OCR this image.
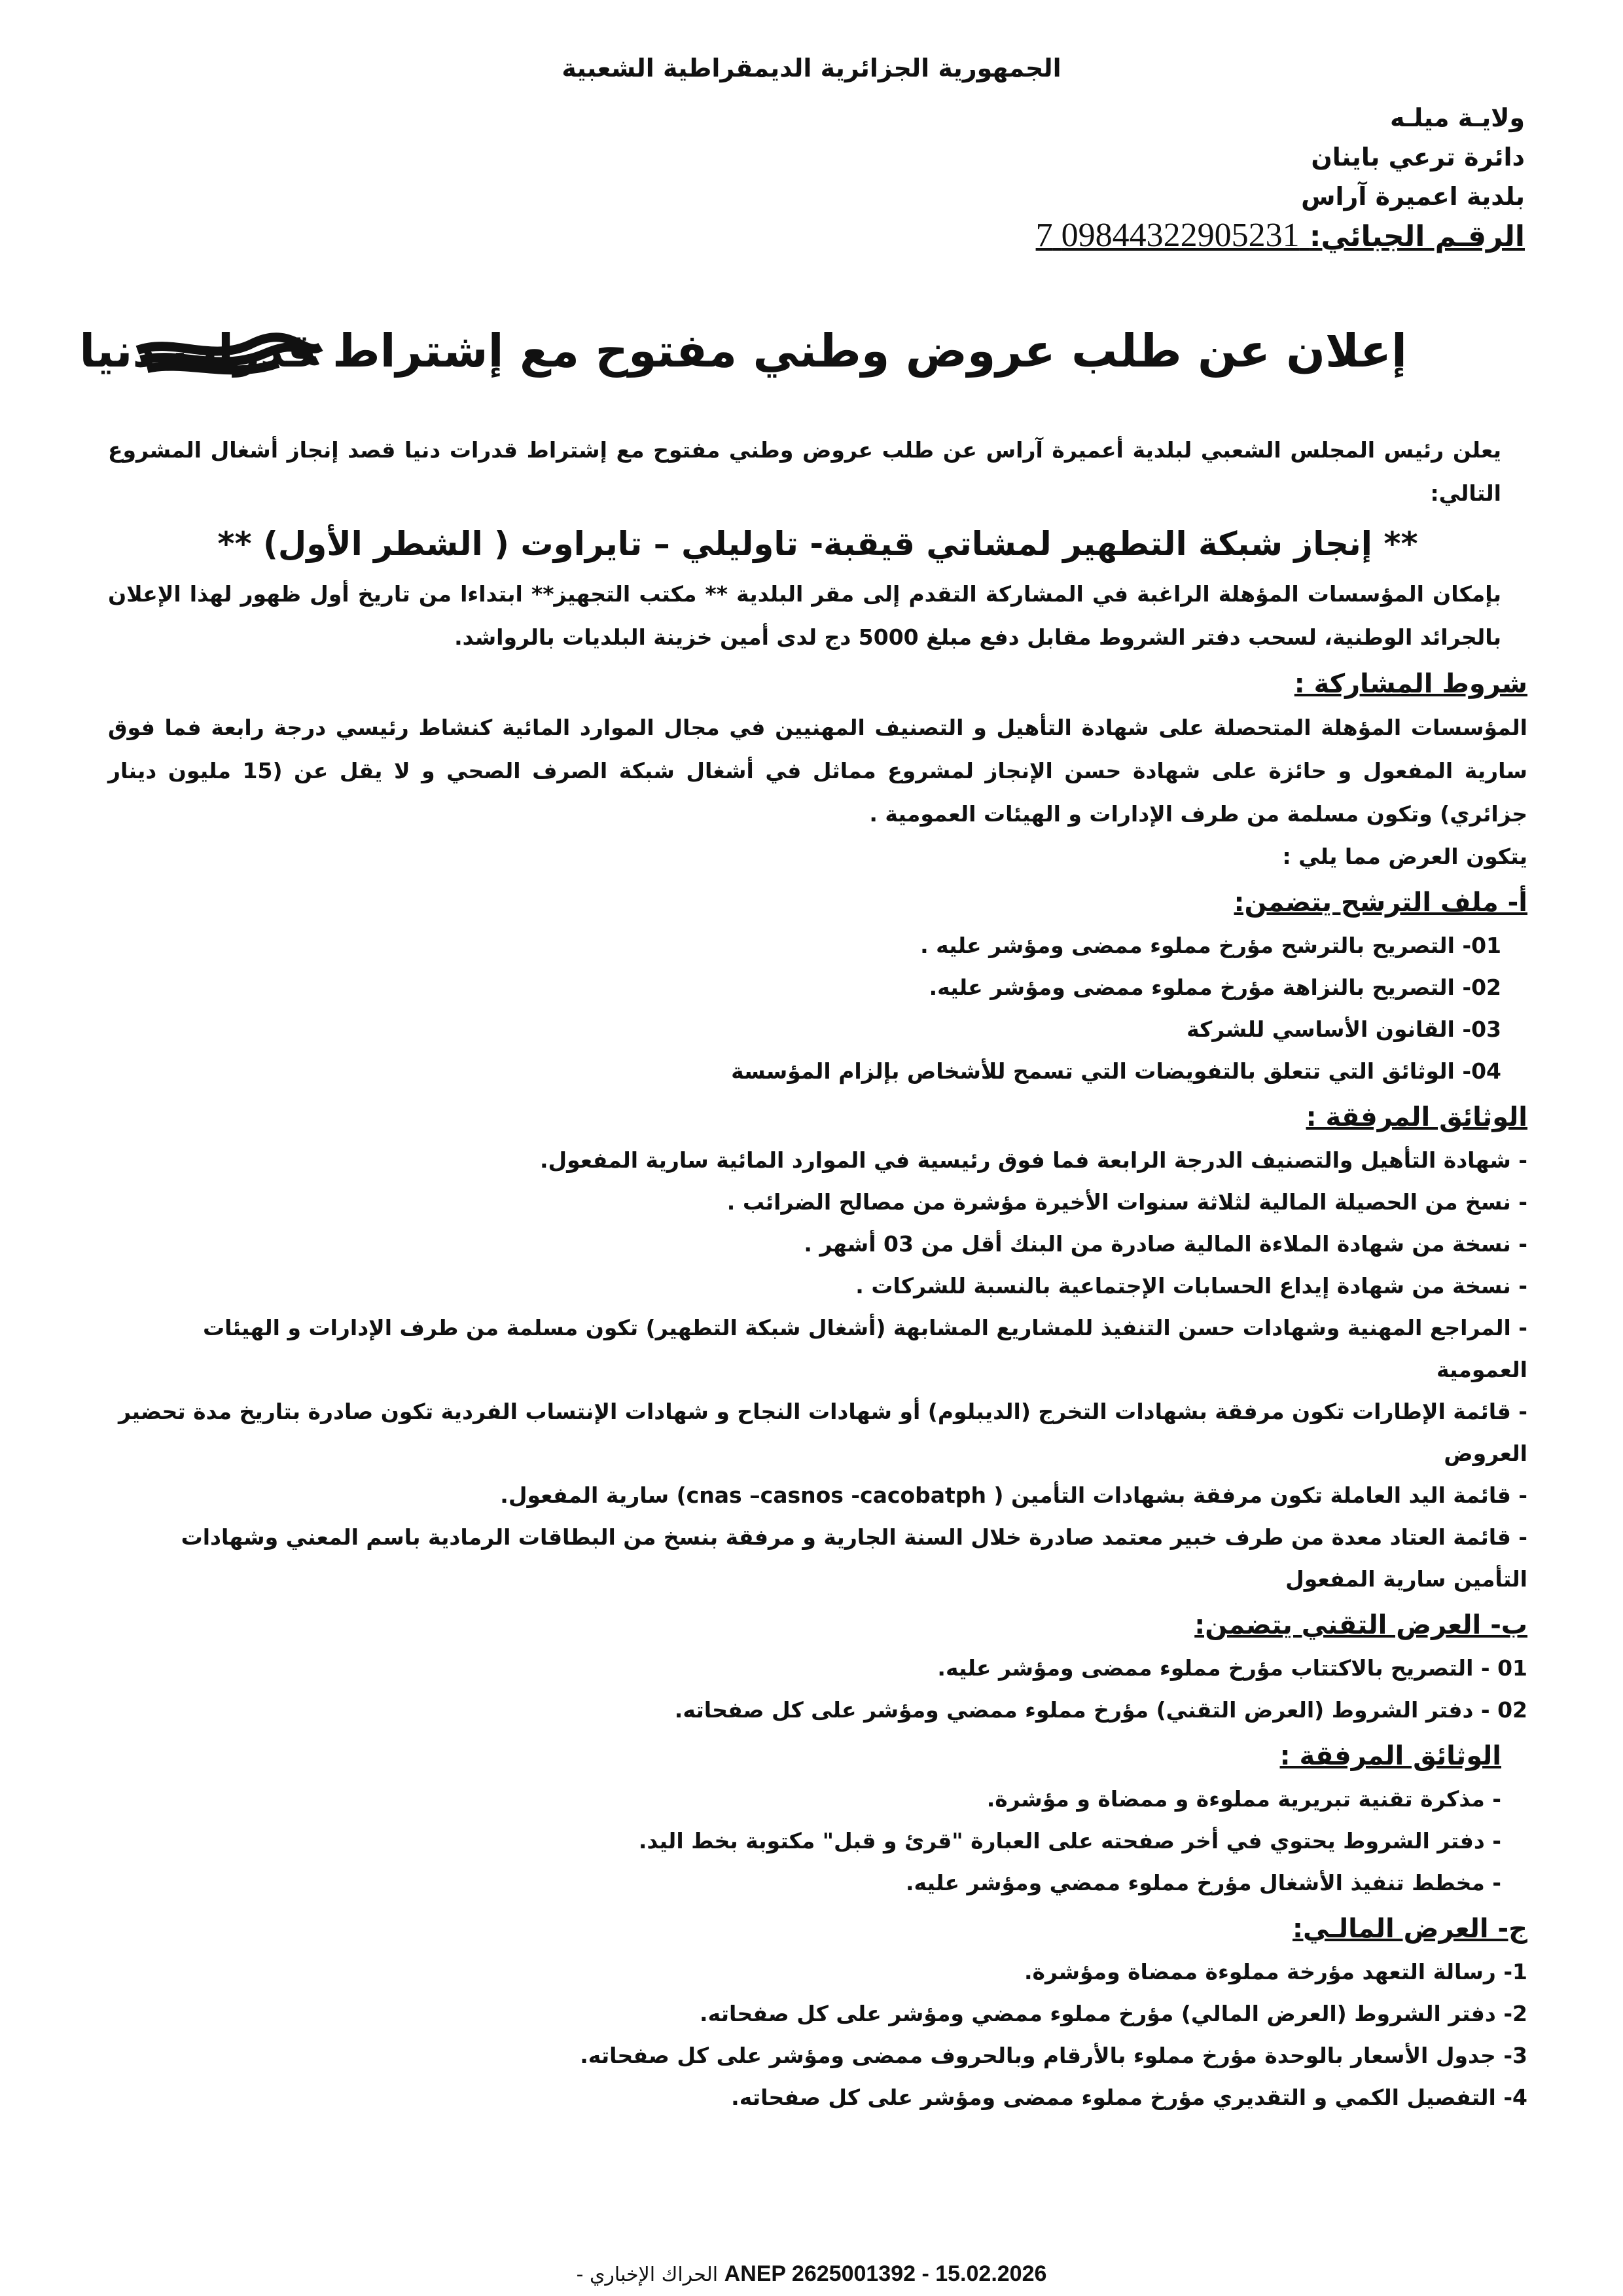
الجمهورية الجزائرية الديمقراطية الشعبية
ولايـة ميلـه
دائرة ترعي باينان
بلدية اعميرة آراس
الرقـم الجبائي: 09844322905231 7
إعلان عن طلب عروض وطني مفتوح مع إشتراط قدرات دنيا
يعلن رئيس المجلس الشعبي لبلدية أعميرة آراس عن طلب عروض وطني مفتوح مع إشتراط قدرات دنيا قصد إنجاز أشغال المشروع التالي:
** إنجاز شبكة التطهير لمشاتي قيقبة- تاوليلي – تايراوت ( الشطر الأول) **
بإمكان المؤسسات المؤهلة الراغبة في المشاركة التقدم إلى مقر البلدية ** مكتب التجهيز** ابتداءا من تاريخ أول ظهور لهذا الإعلان بالجرائد الوطنية، لسحب دفتر الشروط مقابل دفع مبلغ 5000 دج لدى أمين خزينة البلديات بالرواشد.
شروط المشاركة :
المؤسسات المؤهلة المتحصلة على شهادة التأهيل و التصنيف المهنيين في مجال الموارد المائية كنشاط رئيسي درجة رابعة فما فوق سارية المفعول و حائزة على شهادة حسن الإنجاز لمشروع مماثل في أشغال شبكة الصرف الصحي و لا يقل عن (15 مليون دينار جزائري) وتكون مسلمة من طرف الإدارات و الهيئات العمومية .
يتكون العرض مما يلي :
أ- ملف الترشح يتضمن:
01- التصريح بالترشح مؤرخ مملوء ممضى ومؤشر عليه .
02- التصريح بالنزاهة مؤرخ مملوء ممضى ومؤشر عليه.
03- القانون الأساسي للشركة
04- الوثائق التي تتعلق بالتفويضات التي تسمح للأشخاص بإلزام المؤسسة
الوثائق المرفقة :
- شهادة التأهيل والتصنيف الدرجة الرابعة فما فوق رئيسية في الموارد المائية سارية المفعول.
- نسخ من الحصيلة المالية لثلاثة سنوات الأخيرة مؤشرة من مصالح الضرائب .
- نسخة من شهادة الملاءة المالية صادرة من البنك أقل من 03 أشهر .
- نسخة من شهادة إيداع الحسابات الإجتماعية بالنسبة للشركات .
- المراجع المهنية وشهادات حسن التنفيذ للمشاريع المشابهة (أشغال شبكة التطهير) تكون مسلمة من طرف الإدارات و الهيئات العمومية
- قائمة الإطارات تكون مرفقة بشهادات التخرج (الديبلوم) أو شهادات النجاح و شهادات الإنتساب الفردية تكون صادرة بتاريخ مدة تحضير العروض
- قائمة اليد العاملة تكون مرفقة بشهادات التأمين ( cnas –casnos -cacobatph) سارية المفعول.
- قائمة العتاد معدة من طرف خبير معتمد صادرة خلال السنة الجارية و مرفقة بنسخ من البطاقات الرمادية باسم المعني وشهادات التأمين سارية المفعول
ب- العرض التقني يتضمن:
01 - التصريح بالاكتتاب مؤرخ مملوء ممضى ومؤشر عليه.
02 - دفتر الشروط (العرض التقني) مؤرخ مملوء ممضي ومؤشر على كل صفحاته.
الوثائق المرفقة :
- مذكرة تقنية تبريرية مملوءة و ممضاة و مؤشرة.
- دفتر الشروط يحتوي في أخر صفحته على العبارة "قرئ و قبل" مكتوبة بخط اليد.
- مخطط تنفيذ الأشغال مؤرخ مملوء ممضي ومؤشر عليه.
ج- العرض المالـي:
1- رسالة التعهد مؤرخة مملوءة ممضاة ومؤشرة.
2- دفتر الشروط (العرض المالي) مؤرخ مملوء ممضي ومؤشر على كل صفحاته.
3- جدول الأسعار بالوحدة مؤرخ مملوء بالأرقام وبالحروف ممضى ومؤشر على كل صفحاته.
4- التفصيل الكمي و التقديري مؤرخ مملوء ممضى ومؤشر على كل صفحاته.
- الحراك الإخباري ANEP 2625001392 - 15.02.2026
